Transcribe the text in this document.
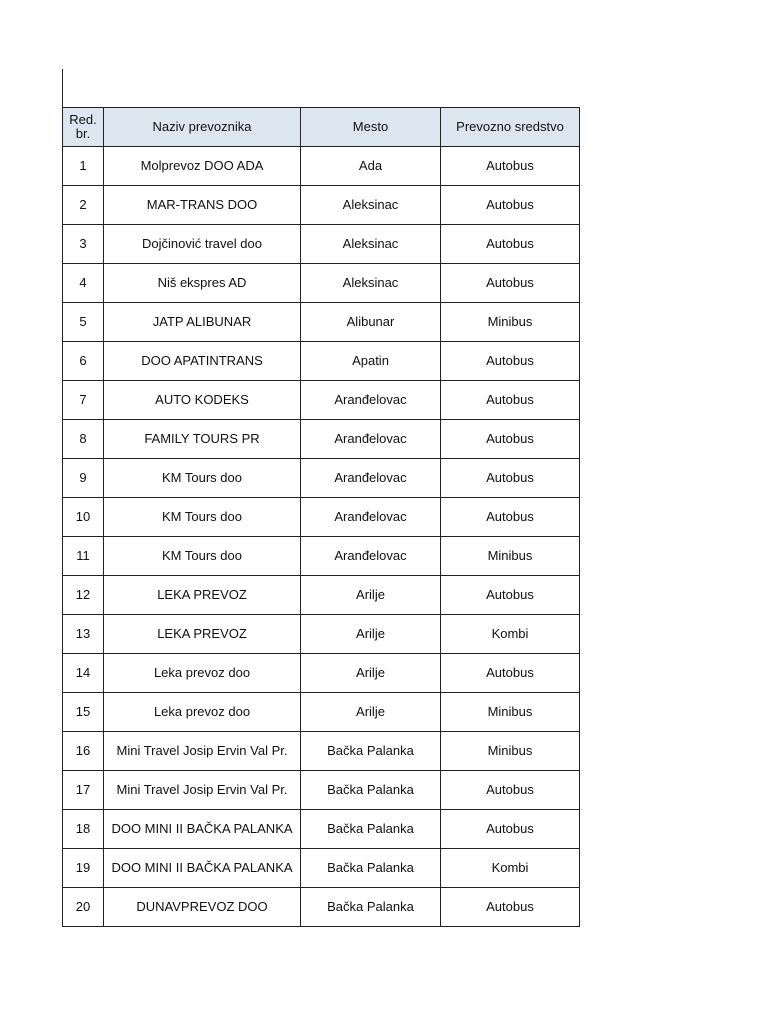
Red.
br.	Naziv prevoznika	Mesto	Prevozno sredstvo
1	Molprevoz DOO ADA	Ada	Autobus
2	MAR-TRANS DOO	Aleksinac	Autobus
3	Dojčinović travel doo	Aleksinac	Autobus
4	Niš ekspres AD	Aleksinac	Autobus
5	JATP ALIBUNAR	Alibunar	Minibus
6	DOO APATINTRANS	Apatin	Autobus
7	AUTO KODEKS	Aranđelovac	Autobus
8	FAMILY TOURS PR	Aranđelovac	Autobus
9	KM Tours doo	Aranđelovac	Autobus
10	KM Tours doo	Aranđelovac	Autobus
11	KM Tours doo	Aranđelovac	Minibus
12	LEKA PREVOZ	Arilje	Autobus
13	LEKA PREVOZ	Arilje	Kombi
14	Leka prevoz doo	Arilje	Autobus
15	Leka prevoz doo	Arilje	Minibus
16	Mini Travel Josip Ervin Val Pr.	Bačka Palanka	Minibus
17	Mini Travel Josip Ervin Val Pr.	Bačka Palanka	Autobus
18	DOO MINI II BAČKA PALANKA	Bačka Palanka	Autobus
19	DOO MINI II BAČKA PALANKA	Bačka Palanka	Kombi
20	DUNAVPREVOZ DOO	Bačka Palanka	Autobus
